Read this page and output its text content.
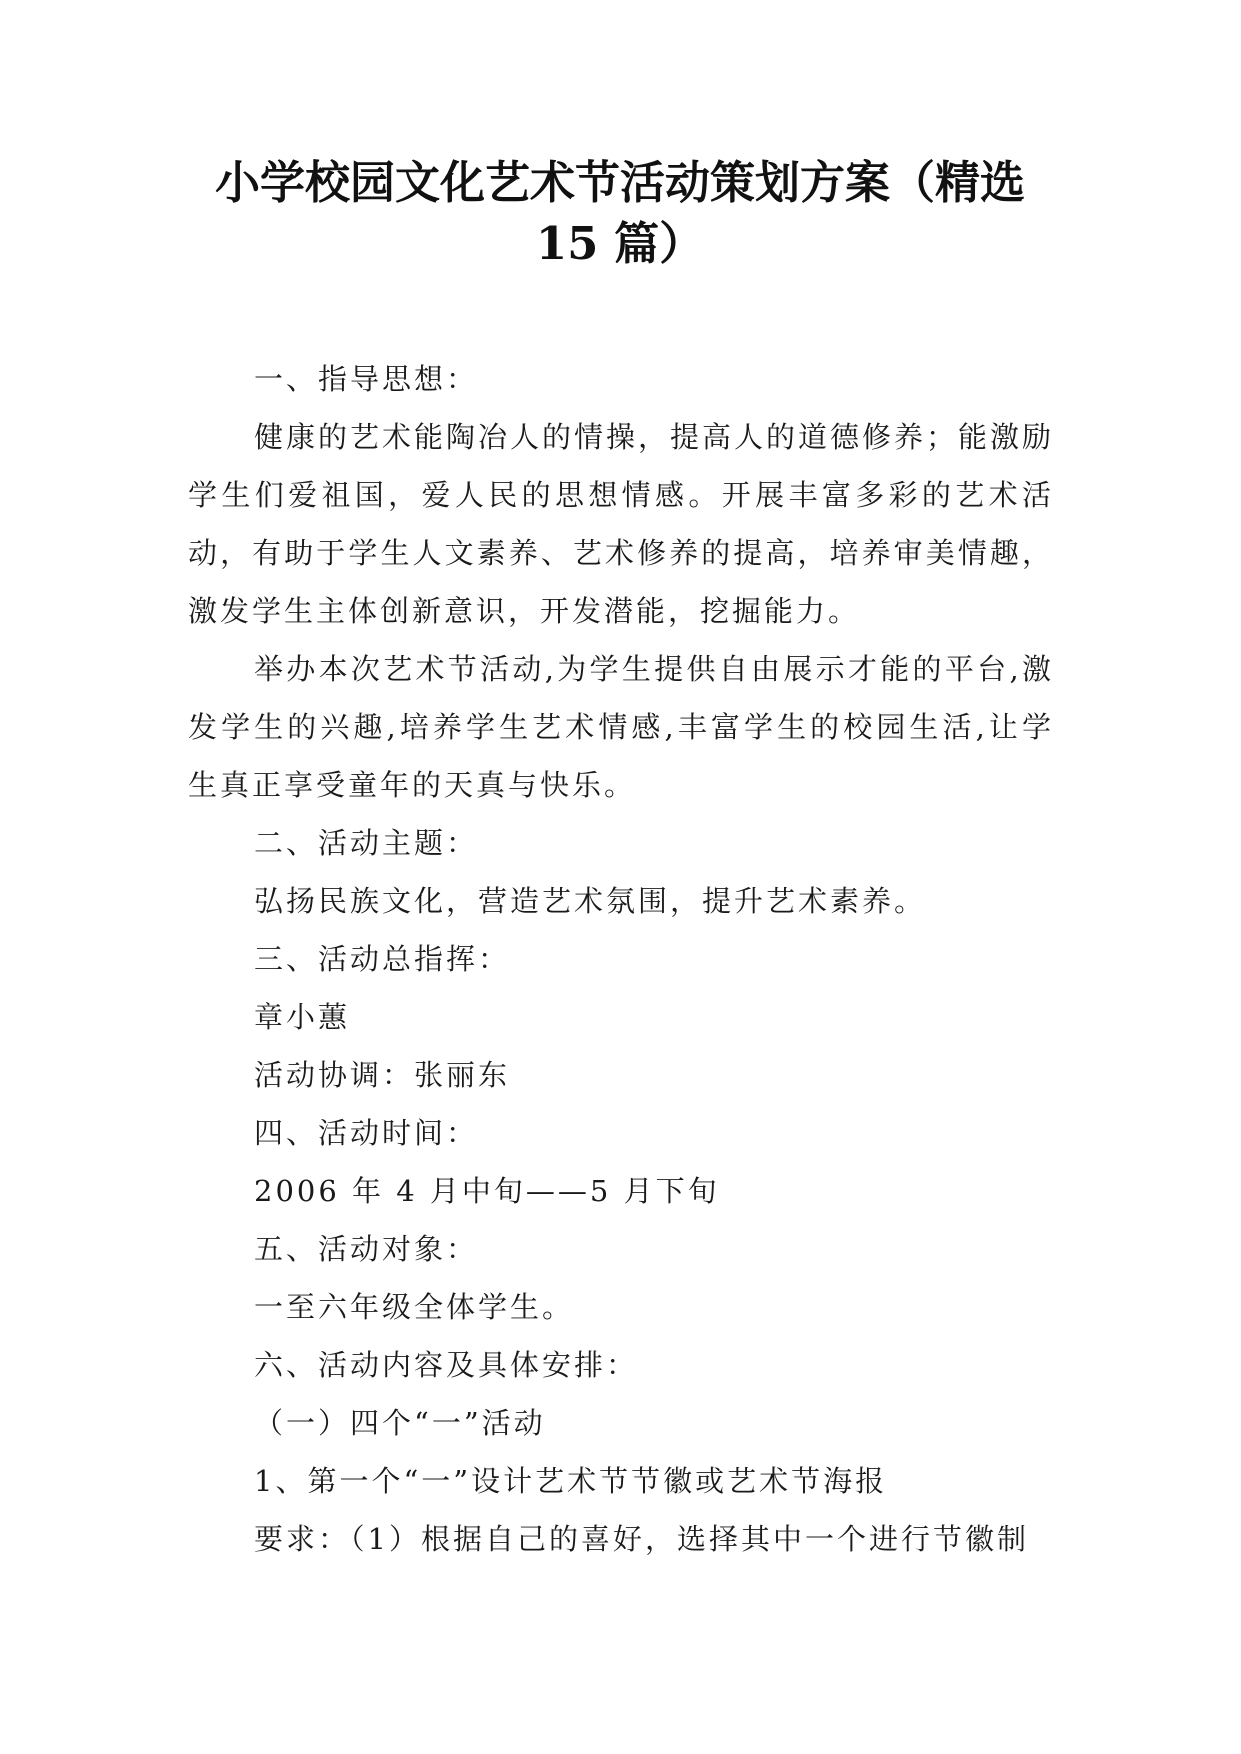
小学校园文化艺术节活动策划方案（精选 15 篇）

一、指导思想：

健康的艺术能陶冶人的情操，提高人的道德修养；能激励学生们爱祖国，爱人民的思想情感。开展丰富多彩的艺术活动，有助于学生人文素养、艺术修养的提高，培养审美情趣，激发学生主体创新意识，开发潜能，挖掘能力。

举办本次艺术节活动,为学生提供自由展示才能的平台,激发学生的兴趣,培养学生艺术情感,丰富学生的校园生活,让学生真正享受童年的天真与快乐。

二、活动主题：

弘扬民族文化，营造艺术氛围，提升艺术素养。

三、活动总指挥：

章小蕙

活动协调：张丽东

四、活动时间：

2006 年 4 月中旬——5 月下旬

五、活动对象：

一至六年级全体学生。

六、活动内容及具体安排：

（一）四个“一”活动

1、第一个“一”设计艺术节节徽或艺术节海报

要求：（1）根据自己的喜好，选择其中一个进行节徽制
